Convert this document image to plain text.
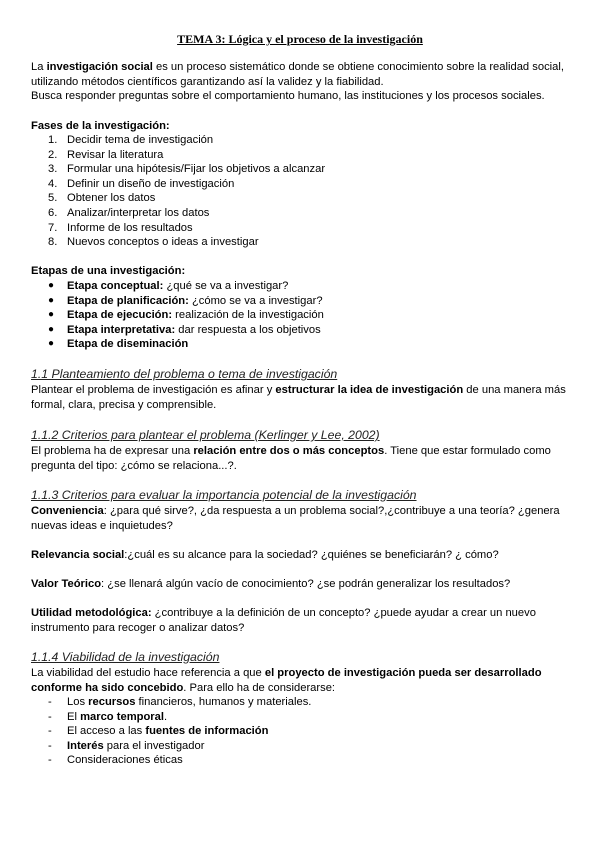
TEMA 3: Lógica y el proceso de la investigación

La investigación social es un proceso sistemático donde se obtiene conocimiento sobre la realidad social, utilizando métodos científicos garantizando así la validez y la fiabilidad.

Busca responder preguntas sobre el comportamiento humano, las instituciones y los procesos sociales.

Fases de la investigación:

1. Decidir tema de investigación
2. Revisar la literatura
3. Formular una hipótesis/Fijar los objetivos a alcanzar
4. Definir un diseño de investigación
5. Obtener los datos
6. Analizar/interpretar los datos
7. Informe de los resultados
8. Nuevos conceptos o ideas a investigar

Etapas de una investigación:

●	Etapa conceptual: ¿qué se va a investigar?
●	Etapa de planificación: ¿cómo se va a investigar?
●	Etapa de ejecución: realización de la investigación
●	Etapa interpretativa: dar respuesta a los objetivos
●	Etapa de diseminación

1.1 Planteamiento del problema o tema de investigación

Plantear el problema de investigación es afinar y estructurar la idea de investigación de una manera más formal, clara, precisa y comprensible.

1.1.2 Criterios para plantear el problema (Kerlinger y Lee, 2002)

El problema ha de expresar una relación entre dos o más conceptos. Tiene que estar formulado como pregunta del tipo: ¿cómo se relaciona...?.

1.1.3 Criterios para evaluar la importancia potencial de la investigación

Conveniencia: ¿para qué sirve?, ¿da respuesta a un problema social?,¿contribuye a una teoría? ¿genera nuevas ideas e inquietudes?

Relevancia social:¿cuál es su alcance para la sociedad? ¿quiénes se beneficiarán? ¿ cómo?

Valor Teórico: ¿se llenará algún vacío de conocimiento? ¿se podrán generalizar los resultados?

Utilidad metodológica: ¿contribuye a la definición de un concepto? ¿puede ayudar a crear un nuevo instrumento para recoger o analizar datos?

1.1.4 Viabilidad de la investigación

La viabilidad del estudio hace referencia a que el proyecto de investigación pueda ser desarrollado conforme ha sido concebido. Para ello ha de considerarse:

-	Los recursos financieros, humanos y materiales.
-	El marco temporal.
-	El acceso a las fuentes de información
-	Interés para el investigador
-	Consideraciones éticas
